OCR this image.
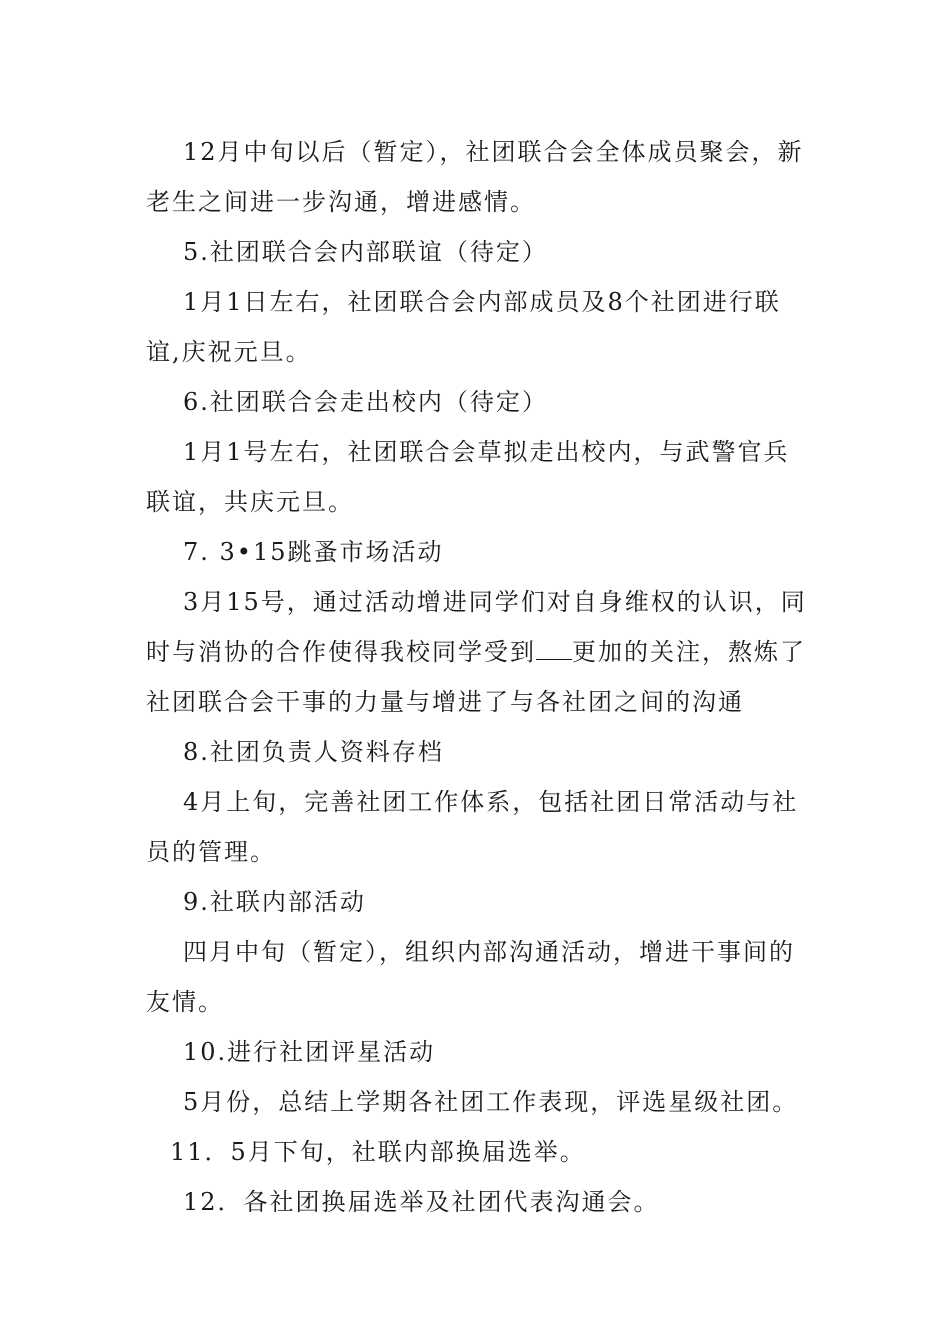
12月中旬以后（暂定），社团联合会全体成员聚会，新
老生之间进一步沟通，增进感情。
5.社团联合会内部联谊（待定）
1月1日左右，社团联合会内部成员及8个社团进行联
谊,庆祝元旦。
6.社团联合会走出校内（待定）
1月1号左右，社团联合会草拟走出校内，与武警官兵
联谊，共庆元旦。
7. 3•15跳蚤市场活动
3月15号，通过活动增进同学们对自身维权的认识，同
时与消协的合作使得我校同学受到 更加的关注，熬炼了
社团联合会干事的力量与增进了与各社团之间的沟通
8.社团负责人资料存档
4月上旬，完善社团工作体系，包括社团日常活动与社
员的管理。
9.社联内部活动
四月中旬（暂定），组织内部沟通活动，增进干事间的
友情。
10.进行社团评星活动
5月份，总结上学期各社团工作表现，评选星级社团。
11．5月下旬，社联内部换届选举。
12．各社团换届选举及社团代表沟通会。
